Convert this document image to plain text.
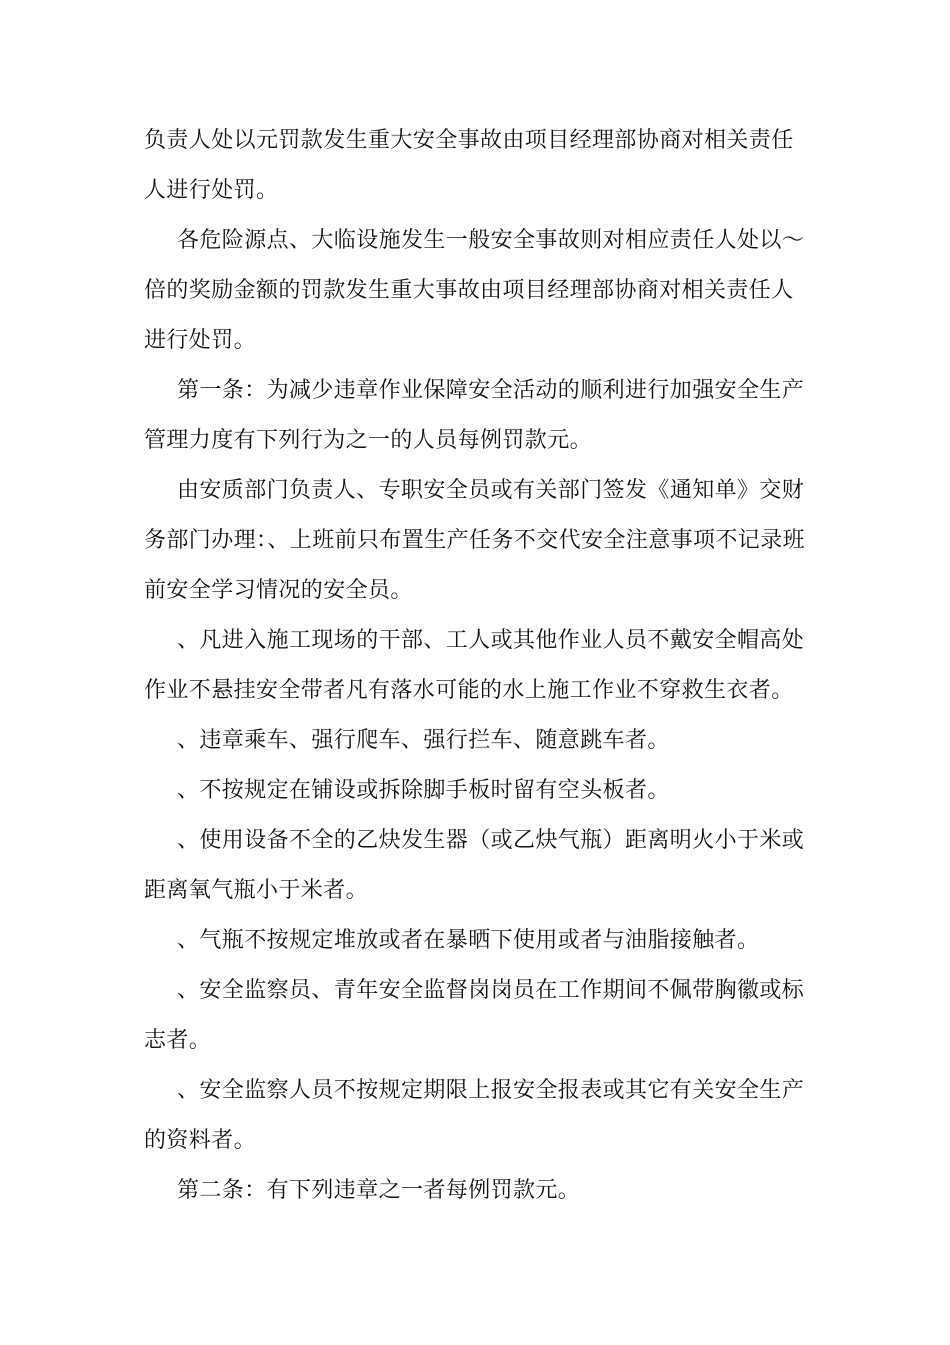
负责人处以元罚款发生重大安全事故由项目经理部协商对相关责任
人进行处罚。
各危险源点、大临设施发生一般安全事故则对相应责任人处以～
倍的奖励金额的罚款发生重大事故由项目经理部协商对相关责任人
进行处罚。
第一条：为减少违章作业保障安全活动的顺利进行加强安全生产
管理力度有下列行为之一的人员每例罚款元。
由安质部门负责人、专职安全员或有关部门签发《通知单》交财
务部门办理：、上班前只布置生产任务不交代安全注意事项不记录班
前安全学习情况的安全员。
、凡进入施工现场的干部、工人或其他作业人员不戴安全帽高处
作业不悬挂安全带者凡有落水可能的水上施工作业不穿救生衣者。
、违章乘车、强行爬车、强行拦车、随意跳车者。
、不按规定在铺设或拆除脚手板时留有空头板者。
、使用设备不全的乙炔发生器（或乙炔气瓶）距离明火小于米或
距离氧气瓶小于米者。
、气瓶不按规定堆放或者在暴晒下使用或者与油脂接触者。
、安全监察员、青年安全监督岗岗员在工作期间不佩带胸徽或标
志者。
、安全监察人员不按规定期限上报安全报表或其它有关安全生产
的资料者。
第二条：有下列违章之一者每例罚款元。
